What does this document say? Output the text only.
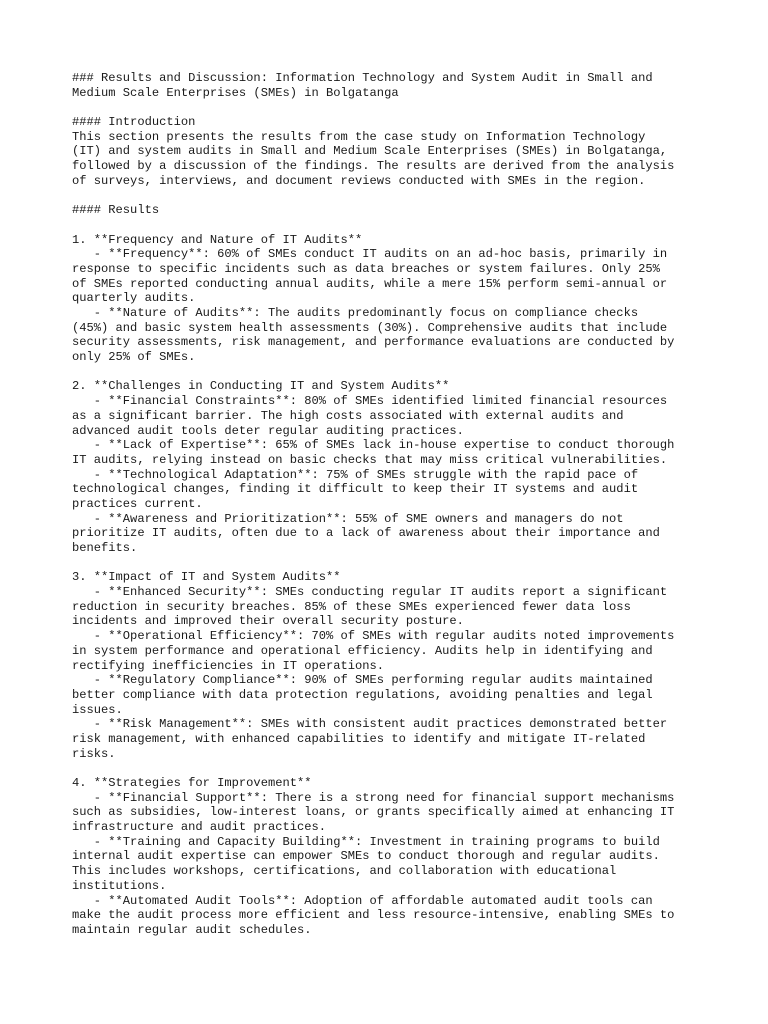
### Results and Discussion: Information Technology and System Audit in Small and
Medium Scale Enterprises (SMEs) in Bolgatanga
#### Introduction
This section presents the results from the case study on Information Technology
(IT) and system audits in Small and Medium Scale Enterprises (SMEs) in Bolgatanga,
followed by a discussion of the findings. The results are derived from the analysis
of surveys, interviews, and document reviews conducted with SMEs in the region.
#### Results
1. **Frequency and Nature of IT Audits**
- **Frequency**: 60% of SMEs conduct IT audits on an ad-hoc basis, primarily in
response to specific incidents such as data breaches or system failures. Only 25%
of SMEs reported conducting annual audits, while a mere 15% perform semi-annual or
quarterly audits.
- **Nature of Audits**: The audits predominantly focus on compliance checks
(45%) and basic system health assessments (30%). Comprehensive audits that include
security assessments, risk management, and performance evaluations are conducted by
only 25% of SMEs.
2. **Challenges in Conducting IT and System Audits**
- **Financial Constraints**: 80% of SMEs identified limited financial resources
as a significant barrier. The high costs associated with external audits and
advanced audit tools deter regular auditing practices.
- **Lack of Expertise**: 65% of SMEs lack in-house expertise to conduct thorough
IT audits, relying instead on basic checks that may miss critical vulnerabilities.
- **Technological Adaptation**: 75% of SMEs struggle with the rapid pace of
technological changes, finding it difficult to keep their IT systems and audit
practices current.
- **Awareness and Prioritization**: 55% of SME owners and managers do not
prioritize IT audits, often due to a lack of awareness about their importance and
benefits.
3. **Impact of IT and System Audits**
- **Enhanced Security**: SMEs conducting regular IT audits report a significant
reduction in security breaches. 85% of these SMEs experienced fewer data loss
incidents and improved their overall security posture.
- **Operational Efficiency**: 70% of SMEs with regular audits noted improvements
in system performance and operational efficiency. Audits help in identifying and
rectifying inefficiencies in IT operations.
- **Regulatory Compliance**: 90% of SMEs performing regular audits maintained
better compliance with data protection regulations, avoiding penalties and legal
issues.
- **Risk Management**: SMEs with consistent audit practices demonstrated better
risk management, with enhanced capabilities to identify and mitigate IT-related
risks.
4. **Strategies for Improvement**
- **Financial Support**: There is a strong need for financial support mechanisms
such as subsidies, low-interest loans, or grants specifically aimed at enhancing IT
infrastructure and audit practices.
- **Training and Capacity Building**: Investment in training programs to build
internal audit expertise can empower SMEs to conduct thorough and regular audits.
This includes workshops, certifications, and collaboration with educational
institutions.
- **Automated Audit Tools**: Adoption of affordable automated audit tools can
make the audit process more efficient and less resource-intensive, enabling SMEs to
maintain regular audit schedules.
